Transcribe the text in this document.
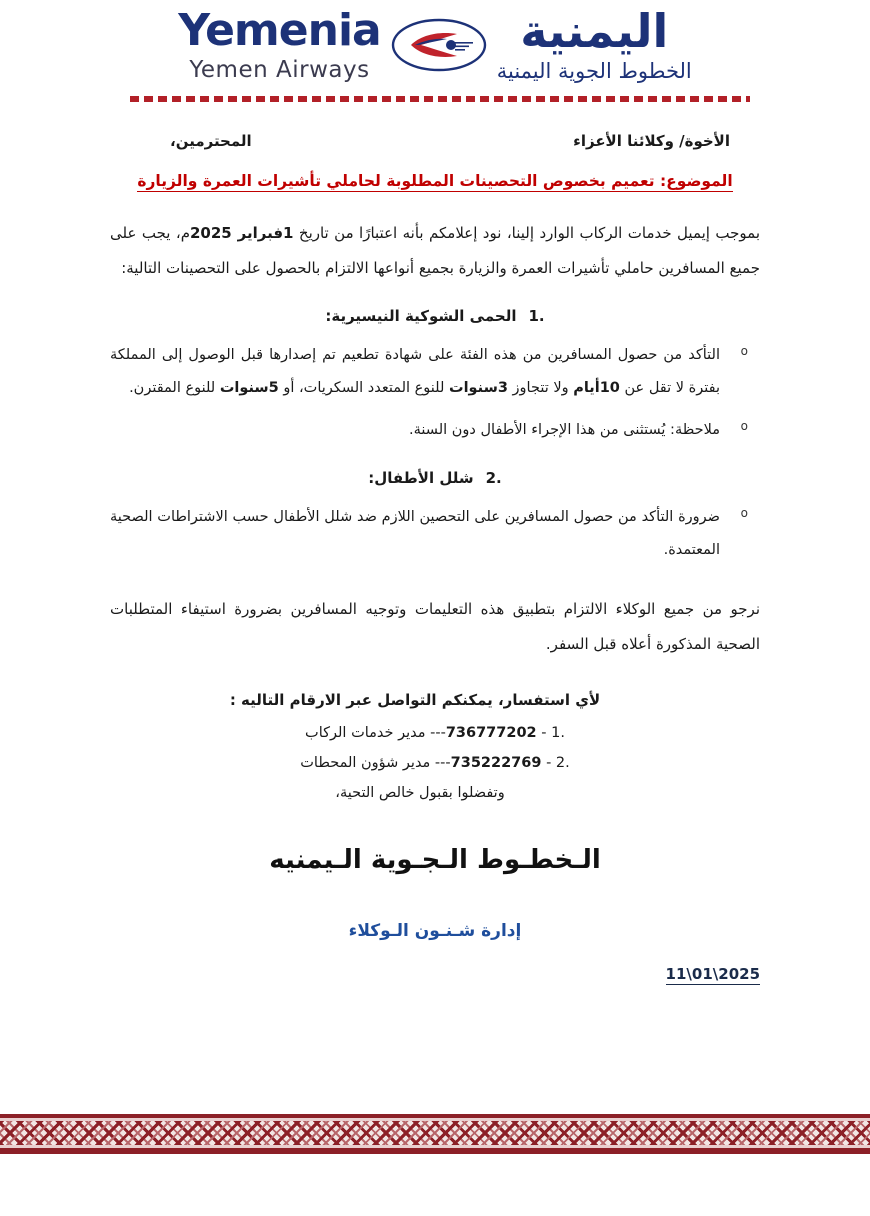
Yemenia
Yemen Airways
اليمنية
الخطوط الجوية اليمنية
الأخوة/ وكلائنا الأعزاء
المحترمين،
الموضوع: تعميم بخصوص التحصينات المطلوبة لحاملي تأشيرات العمرة والزيارة

بموجب إيميل خدمات الركاب الوارد إلينا، نود إعلامكم بأنه اعتبارًا من تاريخ 1فبراير 2025م، يجب على جميع المسافرين حاملي تأشيرات العمرة والزيارة بجميع أنواعها الالتزام بالحصول على التحصينات التالية:

.1الحمى الشوكية النيسيرية:
o التأكد من حصول المسافرين من هذه الفئة على شهادة تطعيم تم إصدارها قبل الوصول إلى المملكة بفترة لا تقل عن 10أيام ولا تتجاوز 3سنوات للنوع المتعدد السكريات، أو 5سنوات للنوع المقترن.
o ملاحظة: يُستثنى من هذا الإجراء الأطفال دون السنة.
.2شلل الأطفال:
o ضرورة التأكد من حصول المسافرين على التحصين اللازم ضد شلل الأطفال حسب الاشتراطات الصحية المعتمدة.

نرجو من جميع الوكلاء الالتزام بتطبيق هذه التعليمات وتوجيه المسافرين بضرورة استيفاء المتطلبات الصحية المذكورة أعلاه قبل السفر.

لأي استفسار، يمكنكم التواصل عبر الارقام التاليه :
.1 - 736777202--- مدير خدمات الركاب
.2 - 735222769--- مدير شؤون المحطات
وتفضلوا بقبول خالص التحية،
الـخطـوط الـجـوية الـيمنيه
إدارة شـنـون الـوكلاء
11\01\2025
